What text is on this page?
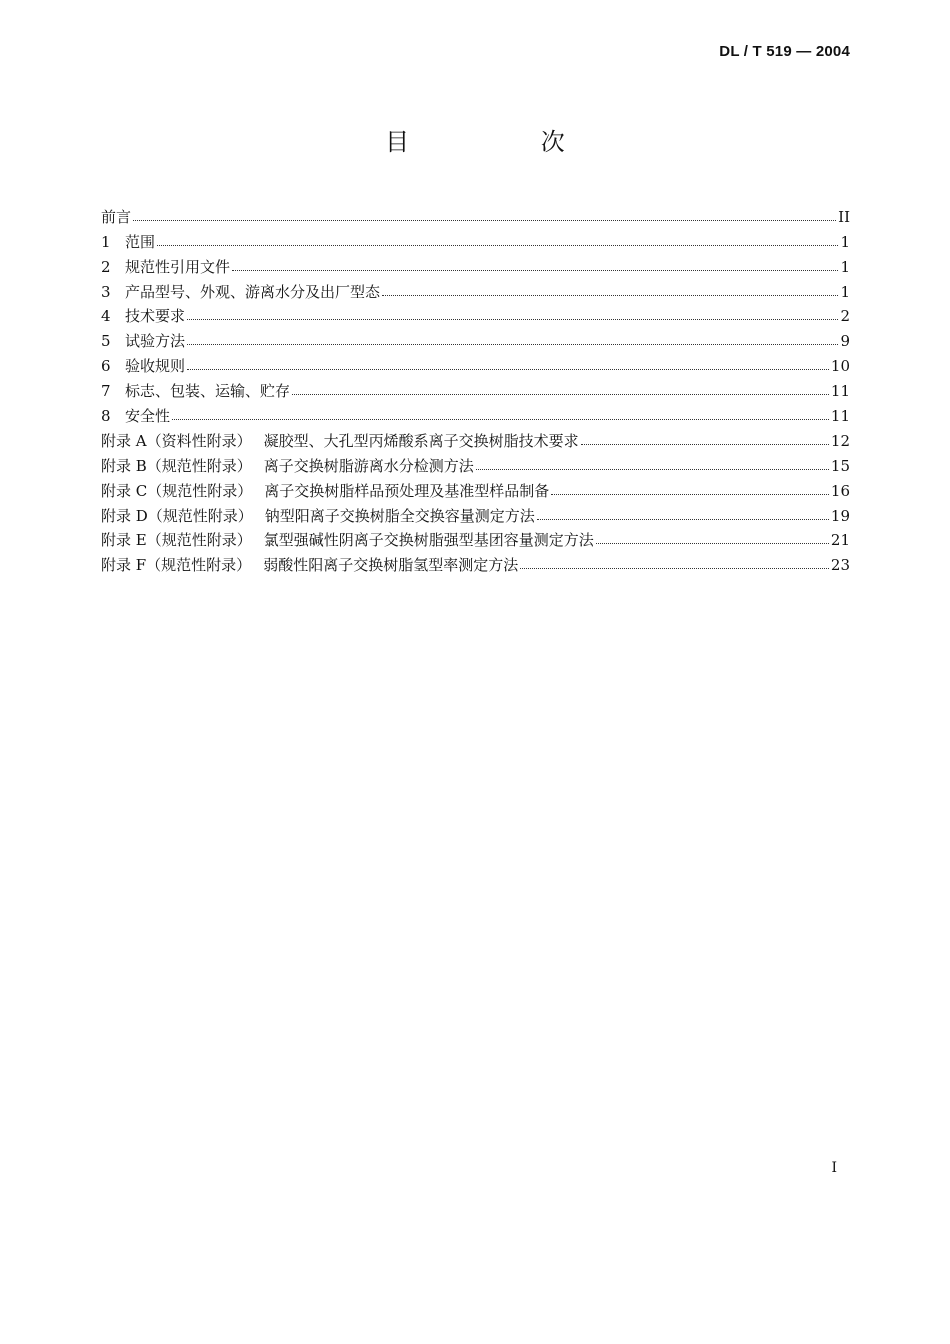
DL / T 519 — 2004
目 次
前言	II
1 范围	1
2 规范性引用文件	1
3 产品型号、外观、游离水分及出厂型态	1
4 技术要求	2
5 试验方法	9
6 验收规则	10
7 标志、包装、运输、贮存	11
8 安全性	11
附录 A（资料性附录） 凝胶型、大孔型丙烯酸系离子交换树脂技术要求	12
附录 B（规范性附录） 离子交换树脂游离水分检测方法	15
附录 C（规范性附录） 离子交换树脂样品预处理及基准型样品制备	16
附录 D（规范性附录） 钠型阳离子交换树脂全交换容量测定方法	19
附录 E（规范性附录） 氯型强碱性阴离子交换树脂强型基团容量测定方法	21
附录 F（规范性附录） 弱酸性阳离子交换树脂氢型率测定方法	23
I
